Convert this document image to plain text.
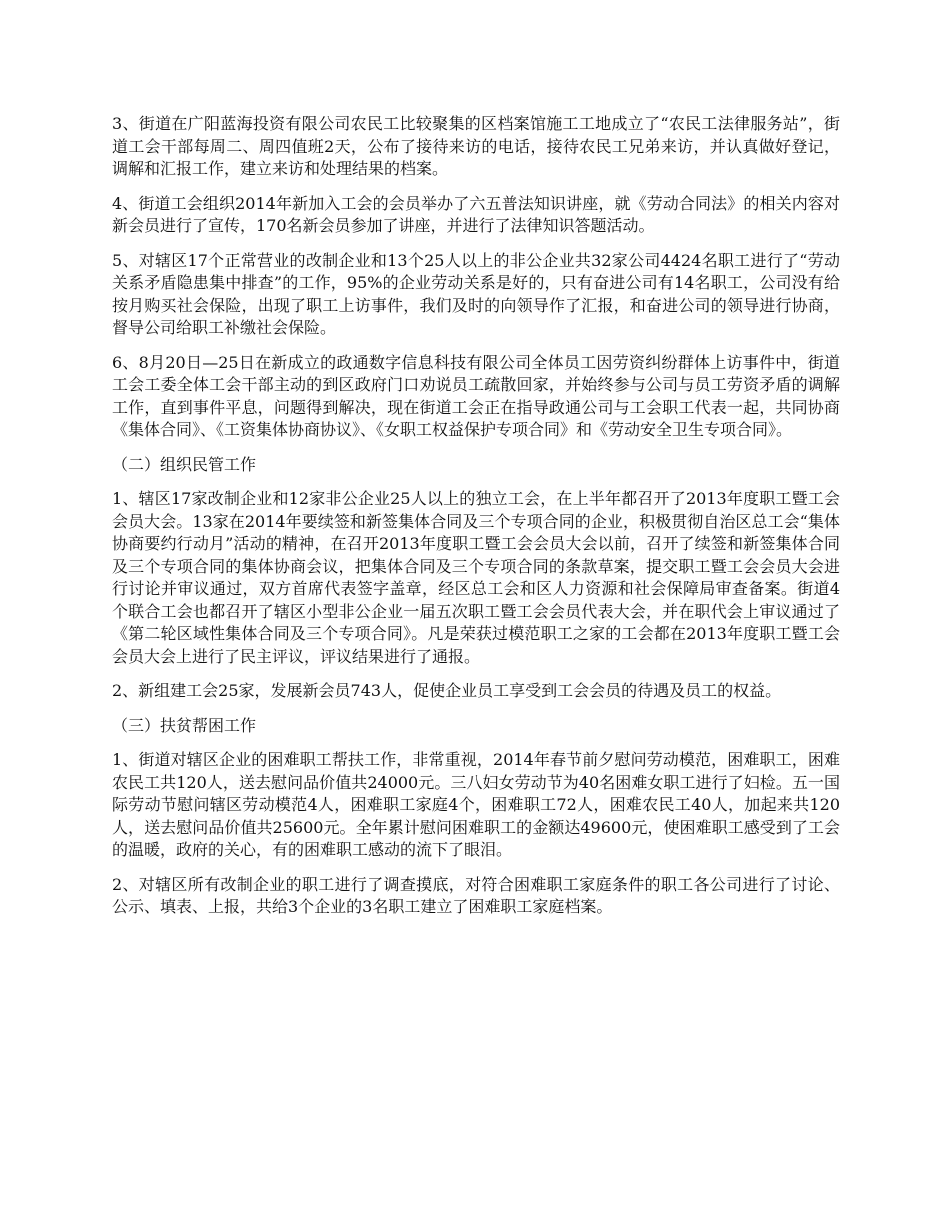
3、街道在广阳蓝海投资有限公司农民工比较聚集的区档案馆施工工地成立了“农民工法律服务站”，街道工会干部每周二、周四值班2天，公布了接待来访的电话，接待农民工兄弟来访，并认真做好登记，调解和汇报工作，建立来访和处理结果的档案。

4、街道工会组织2014年新加入工会的会员举办了六五普法知识讲座，就《劳动合同法》的相关内容对新会员进行了宣传，170名新会员参加了讲座，并进行了法律知识答题活动。

5、对辖区17个正常营业的改制企业和13个25人以上的非公企业共32家公司4424名职工进行了“劳动关系矛盾隐患集中排查”的工作，95%的企业劳动关系是好的，只有奋进公司有14名职工，公司没有给按月购买社会保险，出现了职工上访事件，我们及时的向领导作了汇报，和奋进公司的领导进行协商，督导公司给职工补缴社会保险。

6、8月20日—25日在新成立的政通数字信息科技有限公司全体员工因劳资纠纷群体上访事件中，街道工会工委全体工会干部主动的到区政府门口劝说员工疏散回家，并始终参与公司与员工劳资矛盾的调解工作，直到事件平息，问题得到解决，现在街道工会正在指导政通公司与工会职工代表一起，共同协商《集体合同》、《工资集体协商协议》、《女职工权益保护专项合同》和《劳动安全卫生专项合同》。

（二）组织民管工作

1、辖区17家改制企业和12家非公企业25人以上的独立工会，在上半年都召开了2013年度职工暨工会会员大会。13家在2014年要续签和新签集体合同及三个专项合同的企业，积极贯彻自治区总工会“集体协商要约行动月”活动的精神，在召开2013年度职工暨工会会员大会以前，召开了续签和新签集体合同及三个专项合同的集体协商会议，把集体合同及三个专项合同的条款草案，提交职工暨工会会员大会进行讨论并审议通过，双方首席代表签字盖章，经区总工会和区人力资源和社会保障局审查备案。街道4个联合工会也都召开了辖区小型非公企业一届五次职工暨工会会员代表大会，并在职代会上审议通过了《第二轮区域性集体合同及三个专项合同》。凡是荣获过模范职工之家的工会都在2013年度职工暨工会会员大会上进行了民主评议，评议结果进行了通报。

2、新组建工会25家，发展新会员743人，促使企业员工享受到工会会员的待遇及员工的权益。

（三）扶贫帮困工作

1、街道对辖区企业的困难职工帮扶工作，非常重视，2014年春节前夕慰问劳动模范，困难职工，困难农民工共120人，送去慰问品价值共24000元。三八妇女劳动节为40名困难女职工进行了妇检。五一国际劳动节慰问辖区劳动模范4人，困难职工家庭4个，困难职工72人，困难农民工40人，加起来共120人，送去慰问品价值共25600元。全年累计慰问困难职工的金额达49600元，使困难职工感受到了工会的温暖，政府的关心，有的困难职工感动的流下了眼泪。

2、对辖区所有改制企业的职工进行了调查摸底，对符合困难职工家庭条件的职工各公司进行了讨论、公示、填表、上报，共给3个企业的3名职工建立了困难职工家庭档案。
